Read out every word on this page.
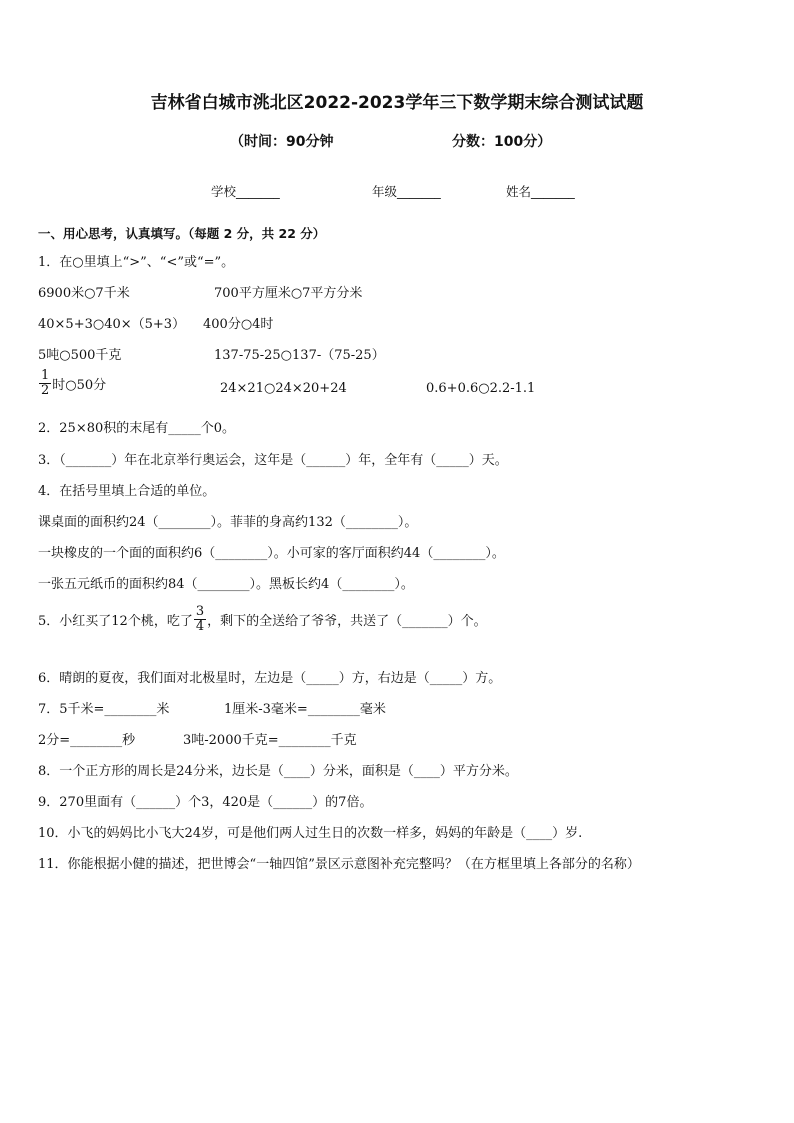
吉林省白城市洮北区2022-2023学年三下数学期末综合测试试题
（时间：90分钟	分数：100分）
学校_______	年级_______	姓名_______
一、用心思考，认真填写。（每题 2 分，共 22 分）
1．在○里填上“>”、“<”或“=”。
6900米○7千米	700平方厘米○7平方分米
40×5+3○40×（5+3） 400分○4时
5吨○500千克	137-75-25○137-（75-25）
$\frac{1}{2}$ 时○50分	24×21○24×20+24	0.6+0.6○2.2-1.1
2．25×80积的末尾有_____个0。
3．（_______）年在北京举行奥运会，这年是（______）年，全年有（_____）天。
4．在括号里填上合适的单位。
课桌面的面积约24（________）。菲菲的身高约132（________）。
一块橡皮的一个面的面积约6（________）。小可家的客厅面积约44（________）。
一张五元纸币的面积约84（________）。黑板长约4（________）。
5．小红买了12个桃，吃了 $\frac{3}{4}$ ，剩下的全送给了爷爷，共送了（_______）个。
6．晴朗的夏夜，我们面对北极星时，左边是（_____）方，右边是（_____）方。
7．5千米=________米	1厘米-3毫米=________毫米
2分=________秒	3吨-2000千克=________千克
8．一个正方形的周长是24分米，边长是（____）分米，面积是（____）平方分米。
9．270里面有（______）个3，420是（______）的7倍。
10．小飞的妈妈比小飞大24岁，可是他们两人过生日的次数一样多，妈妈的年龄是（____）岁.
11．你能根据小健的描述，把世博会“一轴四馆”景区示意图补充完整吗？（在方框里填上各部分的名称）
